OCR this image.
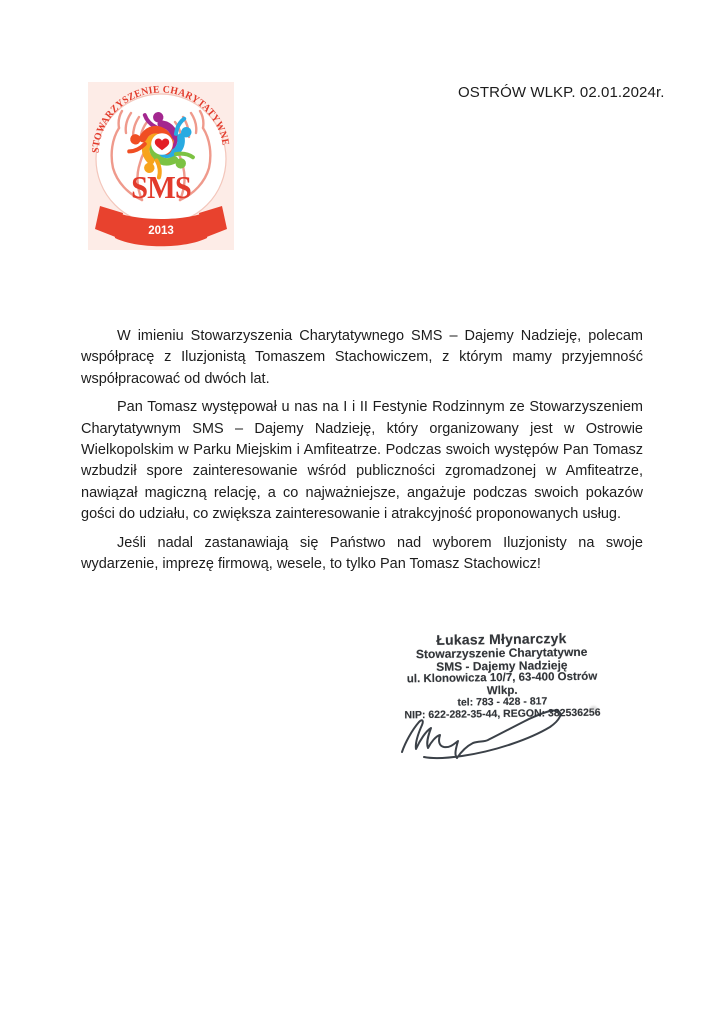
STOWARZYSZENIE CHARYTATYWNE
SMS
2013
OSTRÓW WLKP. 02.01.2024r.

W imieniu Stowarzyszenia Charytatywnego SMS – Dajemy Nadzieję, polecam współpracę z Iluzjonistą Tomaszem Stachowiczem, z którym mamy przyjemność współpracować od dwóch lat.

Pan Tomasz występował u nas na I i II Festynie Rodzinnym ze Stowarzyszeniem Charytatywnym SMS – Dajemy Nadzieję, który organizowany jest w Ostrowie Wielkopolskim w Parku Miejskim i Amfiteatrze. Podczas swoich występów Pan Tomasz wzbudził spore zainteresowanie wśród publiczności zgromadzonej w Amfiteatrze, nawiązał magiczną relację, a co najważniejsze, angażuje podczas swoich pokazów gości do udziału, co zwiększa zainteresowanie i atrakcyjność proponowanych usług.

Jeśli nadal zastanawiają się Państwo nad wyborem Iluzjonisty na swoje wydarzenie, imprezę firmową, wesele, to tylko Pan Tomasz Stachowicz!

Łukasz Młynarczyk
Stowarzyszenie Charytatywne
SMS - Dajemy Nadzieję
ul. Klonowicza 10/7, 63-400 Ostrów Wlkp.
tel: 783 - 428 - 817
NIP: 622-282-35-44, REGON: 382536256
